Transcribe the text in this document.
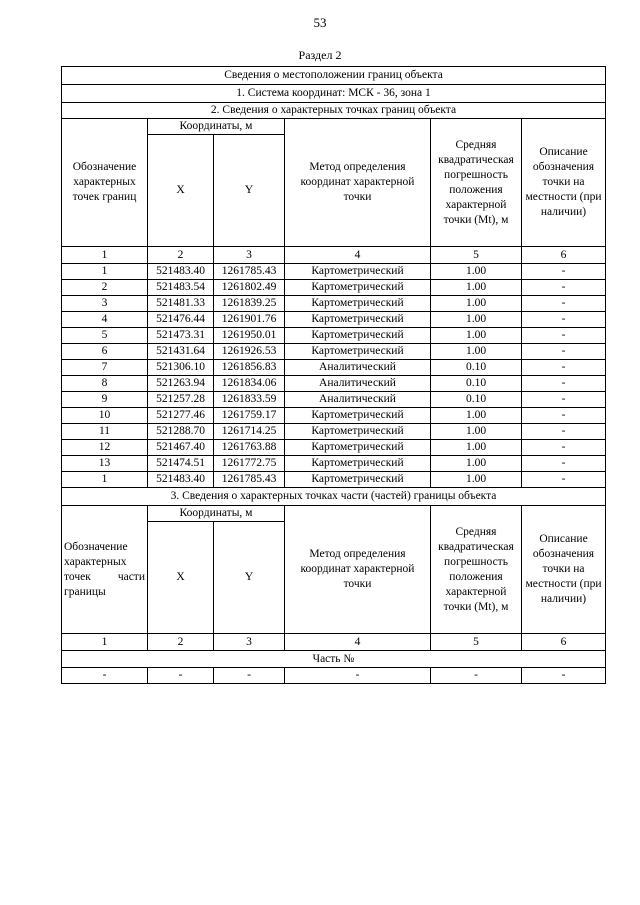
53
Раздел 2
Сведения о местоположении границ объекта					
1. Система координат: МСК - 36, зона 1					
2. Сведения о характерных точках границ объекта					
Обозначение характерных точек границ	Координаты, м		Метод определения координат характерной точки	Средняя квадратическая погрешность положения характерной точки (Mt), м	Описание обозначения точки на местности (при наличии)
	X	Y			
1	2	3	4	5	6
1	521483.40	1261785.43	Картометрический	1.00	-
2	521483.54	1261802.49	Картометрический	1.00	-
3	521481.33	1261839.25	Картометрический	1.00	-
4	521476.44	1261901.76	Картометрический	1.00	-
5	521473.31	1261950.01	Картометрический	1.00	-
6	521431.64	1261926.53	Картометрический	1.00	-
7	521306.10	1261856.83	Аналитический	0.10	-
8	521263.94	1261834.06	Аналитический	0.10	-
9	521257.28	1261833.59	Аналитический	0.10	-
10	521277.46	1261759.17	Картометрический	1.00	-
11	521288.70	1261714.25	Картометрический	1.00	-
12	521467.40	1261763.88	Картометрический	1.00	-
13	521474.51	1261772.75	Картометрический	1.00	-
1	521483.40	1261785.43	Картометрический	1.00	-
3. Сведения о характерных точках части (частей) границы объекта					

Обозначение
характерных
точек части
границы	Координаты, м		Метод определения координат характерной точки	Средняя квадратическая погрешность положения характерной точки (Mt), м	Описание обозначения точки на местности (при наличии)
	X	Y			
1	2	3	4	5	6
Часть №					
-	-	-	-	-	-
